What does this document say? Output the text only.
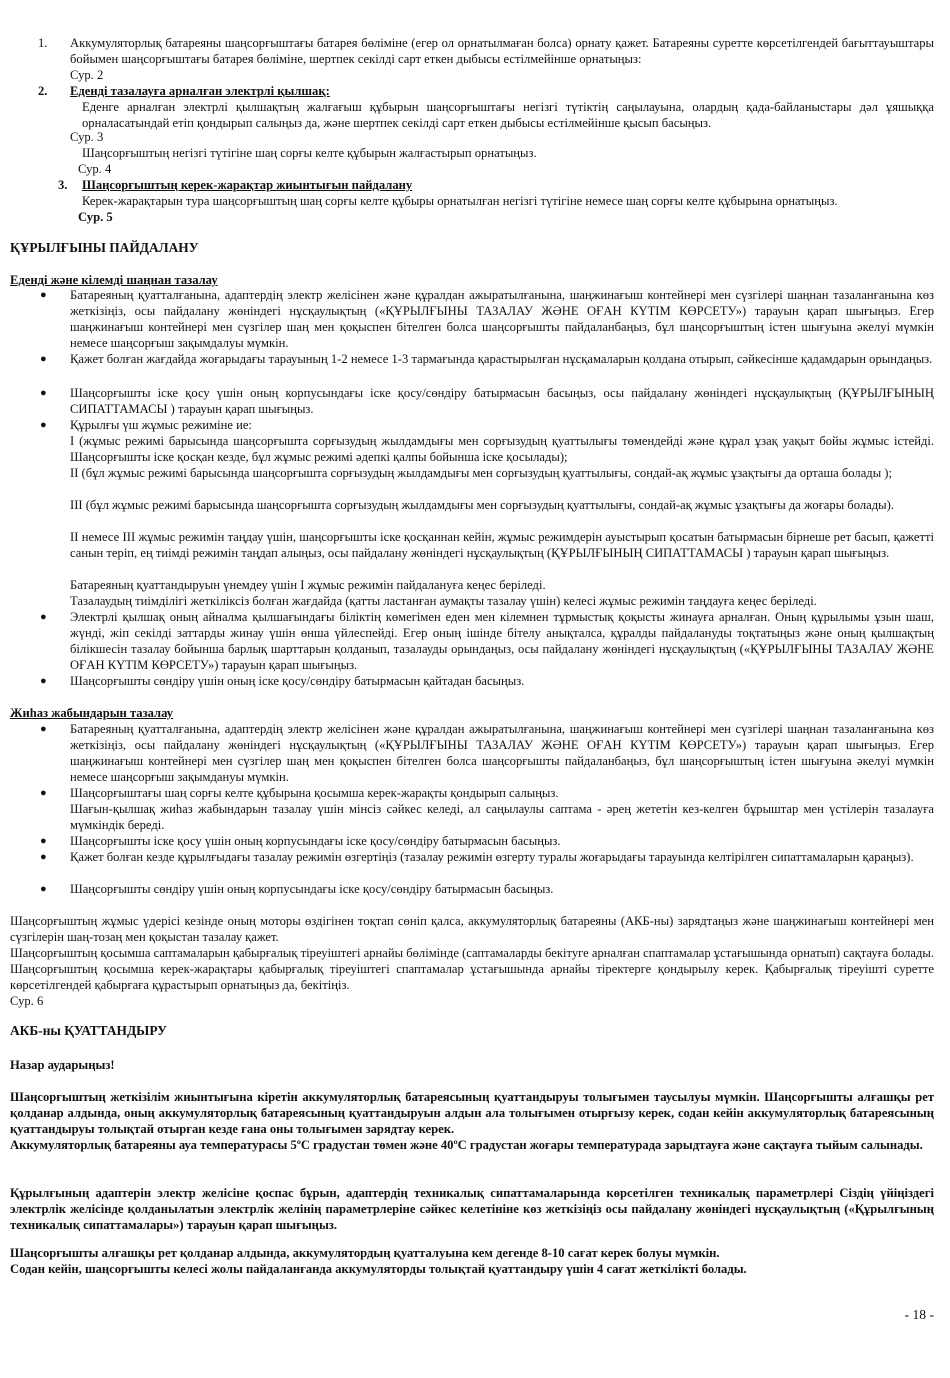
1. Аккумуляторлық батареяны шаңсорғыштағы батарея бөліміне (егер ол орнатылмаған болса) орнату қажет. Батареяны суретте көрсетілгендей бағыттауыштары бойымен шаңсорғыштағы батарея бөліміне, шертпек секілді сарт еткен дыбысы естілмейінше орнатыңыз:
Сур. 2
2. Еденді тазалауға арналған электрлі қылшақ:
Еденге арналған электрлі қылшақтың жалғағыш құбырын шаңсорғыштағы негізгі түтіктің саңылауына, олардың қада-байланыстары дәл ұяшыққа орналасатындай етіп қондырып салыңыз да, және шертпек секілді сарт еткен дыбысы естілмейінше қысып басыңыз.
Сур. 3
Шаңсорғыштың негізгі түтігіне шаң сорғы келте құбырын жалғастырып орнатыңыз.
Сур. 4
3. Шаңсорғыштың керек-жарақтар жиынтығын пайдалану
Керек-жарақтарын тура шаңсорғыштың шаң сорғы келте құбыры орнатылған негізгі түтігіне немесе шаң сорғы келте құбырына орнатыңыз.
Сур. 5
ҚҰРЫЛҒЫНЫ ПАЙДАЛАНУ
Еденді және кілемді шаңнан тазалау
● Батареяның қуатталғанына, адаптердің электр желісінен және құралдан ажыратылғанына, шаңжинағыш контейнері мен сүзгілері шаңнан тазаланғанына көз жеткізіңіз, осы пайдалану жөніндегі нұсқаулықтың («ҚҰРЫЛҒЫНЫ ТАЗАЛАУ ЖӘНЕ ОҒАН КҮТІМ КӨРСЕТУ») тарауын қарап шығыңыз. Егер шаңжинағыш контейнері мен сүзгілер шаң мен қоқыспен бітелген болса шаңсорғышты пайдаланбаңыз, бұл шаңсорғыштың істен шығуына әкелуі мүмкін немесе шаңсорғыш зақымдалуы мүмкін.
● Қажет болған жағдайда жоғарыдағы тарауының 1-2 немесе 1-3 тармағында қарастырылған нұсқамаларын қолдана отырып, сәйкесінше қадамдарын орындаңыз.
● Шаңсорғышты іске қосу үшін оның корпусындағы іске қосу/сөндіру батырмасын басыңыз, осы пайдалану жөніндегі нұсқаулықтың (ҚҰРЫЛҒЫНЫҢ СИПАТТАМАСЫ ) тарауын қарап шығыңыз.
● Құрылғы үш жұмыс режиміне ие:
I (жұмыс режимі барысында шаңсорғышта сорғызудың жылдамдығы мен сорғызудың қуаттылығы төмендейді және құрал ұзақ уақыт бойы жұмыс істейді. Шаңсорғышты іске қосқан кезде, бұл жұмыс режимі әдепкі қалпы бойынша іске қосылады);
II (бұл жұмыс режимі барысында шаңсорғышта сорғызудың жылдамдығы мен сорғызудың қуаттылығы, сондай-ақ жұмыс ұзақтығы да орташа болады );
III (бұл жұмыс режимі барысында шаңсорғышта сорғызудың жылдамдығы мен сорғызудың қуаттылығы, сондай-ақ жұмыс ұзақтығы да жоғары болады).
II немесе III жұмыс режимін таңдау үшін, шаңсорғышты іске қосқаннан кейін, жұмыс режимдерін ауыстырып қосатын батырмасын бірнеше рет басып, қажетті санын теріп, ең тиімді режимін таңдап алыңыз, осы пайдалану жөніндегі нұсқаулықтың (ҚҰРЫЛҒЫНЫҢ СИПАТТАМАСЫ ) тарауын қарап шығыңыз.
Батареяның қуаттандыруын үнемдеу үшін I жұмыс режимін пайдалануға кеңес беріледі.
Тазалаудың тиімділігі жеткіліксіз болған жағдайда (қатты ластанған аумақты тазалау үшін) келесі жұмыс режимін таңдауға кеңес беріледі.
● Электрлі қылшақ оның айналма қылшағындағы біліктің көмегімен еден мен кілемнен тұрмыстық қоқысты жинауға арналған. Оның құрылымы ұзын шаш, жүнді, жіп секілді заттарды жинау үшін өнша үйлеспейді. Егер оның ішінде бітелу анықталса, құралды пайдалануды тоқтатыңыз және оның қылшақтың білікшесін тазалау бойынша барлық шарттарын қолданып, тазалауды орындаңыз, осы пайдалану жөніндегі нұсқаулықтың («ҚҰРЫЛҒЫНЫ ТАЗАЛАУ ЖӘНЕ ОҒАН КҮТІМ КӨРСЕТУ») тарауын қарап шығыңыз.
● Шаңсорғышты сөндіру үшін оның іске қосу/сөндіру батырмасын қайтадан басыңыз.
Жиһаз жабындарын тазалау
● Батареяның қуатталғанына, адаптердің электр желісінен және құралдан ажыратылғанына, шаңжинағыш контейнері мен сүзгілері шаңнан тазаланғанына көз жеткізіңіз, осы пайдалану жөніндегі нұсқаулықтың («ҚҰРЫЛҒЫНЫ ТАЗАЛАУ ЖӘНЕ ОҒАН КҮТІМ КӨРСЕТУ») тарауын қарап шығыңыз. Егер шаңжинағыш контейнері мен сүзгілер шаң мен қоқыспен бітелген болса шаңсорғышты пайдаланбаңыз, бұл шаңсорғыштың істен шығуына әкелуі мүмкін немесе шаңсорғыш зақымдануы мүмкін.
● Шаңсорғыштағы шаң сорғы келте құбырына қосымша керек-жарақты қондырып салыңыз.
Шағын-қылшақ жиһаз жабындарын тазалау үшін мінсіз сәйкес келеді, ал саңылаулы саптама - әрең жететін кез-келген бұрыштар мен үстілерін тазалауға мүмкіндік береді.
● Шаңсорғышты іске қосу үшін оның корпусындағы іске қосу/сөндіру батырмасын басыңыз.
● Қажет болған кезде құрылғыдағы тазалау режимін өзгертіңіз (тазалау режимін өзгерту туралы жоғарыдағы тарауында келтірілген сипаттамаларын қараңыз).
● Шаңсорғышты сөндіру үшін оның корпусындағы іске қосу/сөндіру батырмасын басыңыз.
Шаңсорғыштың жұмыс үдерісі кезінде оның моторы өздігінен тоқтап сөніп қалса, аккумуляторлық батареяны (АКБ-ны) зарядтаңыз және шаңжинағыш контейнері мен сүзгілерін шаң-тозаң мен қоқыстан тазалау қажет.
Шаңсорғыштың қосымша саптамаларын қабырғалық тіреуіштегі арнайы бөлімінде (саптамаларды бекітуге арналған спаптамалар ұстағышында орнатып) сақтауға болады. Шаңсорғыштың қосымша керек-жарақтары қабырғалық тіреуіштегі спаптамалар ұстағышында арнайы тіректерге қондырылу керек. Қабырғалық тіреуішті суретте көрсетілгендей қабырғаға құрастырып орнатыңыз да, бекітіңіз.
Сур. 6
АКБ-ны ҚУАТТАНДЫРУ
Назар аударыңыз!
Шаңсорғыштың жеткізілім жиынтығына кіретін аккумуляторлық батареясының қуаттандыруы толығымен таусылуы мүмкін. Шаңсорғышты алғашқы рет қолданар алдында, оның аккумуляторлық батареясының қуаттандыруын алдын ала толығымен отырғызу керек, содан кейін аккумуляторлық батареясының қуаттандыруы толықтай отырған кезде ғана оны толығымен зарядтау керек.
Аккумуляторлық батареяны ауа температурасы 5ºC градустан төмен және 40ºC градустан жоғары температурада зарыдтауға және сақтауға тыйым салынады.
Құрылғының адаптерін электр желісіне қоспас бұрын, адаптердің техникалық сипаттамаларында көрсетілген техникалық параметрлері Сіздің үйіңіздегі электрлік желісінде қолданылатын электрлік желінің параметрлеріне сәйкес келетініне көз жеткізіңіз осы пайдалану жөніндегі нұсқаулықтың («Құрылғының техникалық сипаттамалары») тарауын қарап шығыңыз.
Шаңсорғышты алғашқы рет қолданар алдында, аккумулятордың қуатталуына кем дегенде 8-10 сағат керек болуы мүмкін.
Содан кейін, шаңсорғышты келесі жолы пайдаланғанда аккумуляторды толықтай қуаттандыру үшін 4 сағат жеткілікті болады.
- 18 -
